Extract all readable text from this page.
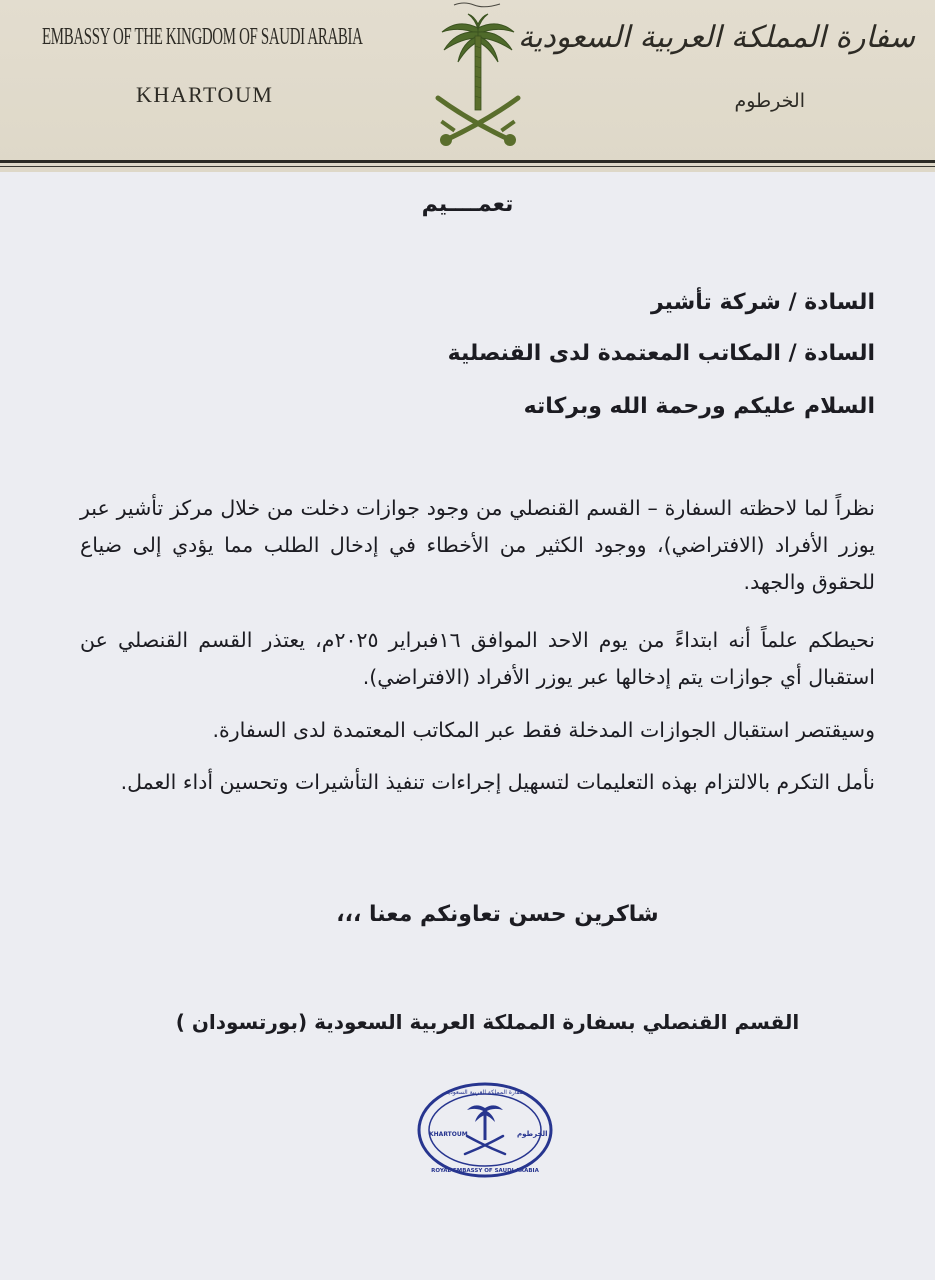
EMBASSY OF THE KINGDOM OF SAUDI ARABIA
KHARTOUM
سفارة المملكة العربية السعودية
الخرطوم
تعمــــيم
السادة / شركة تأشير
السادة / المكاتب المعتمدة لدى القنصلية
السلام عليكم ورحمة الله وبركاته
نظراً لما لاحظته السفارة – القسم القنصلي من وجود جوازات دخلت من خلال مركز تأشير عبر يوزر الأفراد (الافتراضي)، ووجود الكثير من الأخطاء في إدخال الطلب مما يؤدي إلى ضياع للحقوق والجهد.
نحيطكم علماً أنه ابتداءً من يوم الاحد الموافق ١٦فبراير ٢٠٢٥م، يعتذر القسم القنصلي عن استقبال أي جوازات يتم إدخالها عبر يوزر الأفراد (الافتراضي).
وسيقتصر استقبال الجوازات المدخلة فقط عبر المكاتب المعتمدة لدى السفارة.
نأمل التكرم بالالتزام بهذه التعليمات لتسهيل إجراءات تنفيذ التأشيرات وتحسين أداء العمل.
شاكرين حسن تعاونكم معنا ،،،
القسم القنصلي بسفارة المملكة العربية السعودية (بورتسودان )
KHARTOUM	الخرطوم
سفارة المملكة العربية السعودية
ROYAL EMBASSY OF SAUDI ARABIA
